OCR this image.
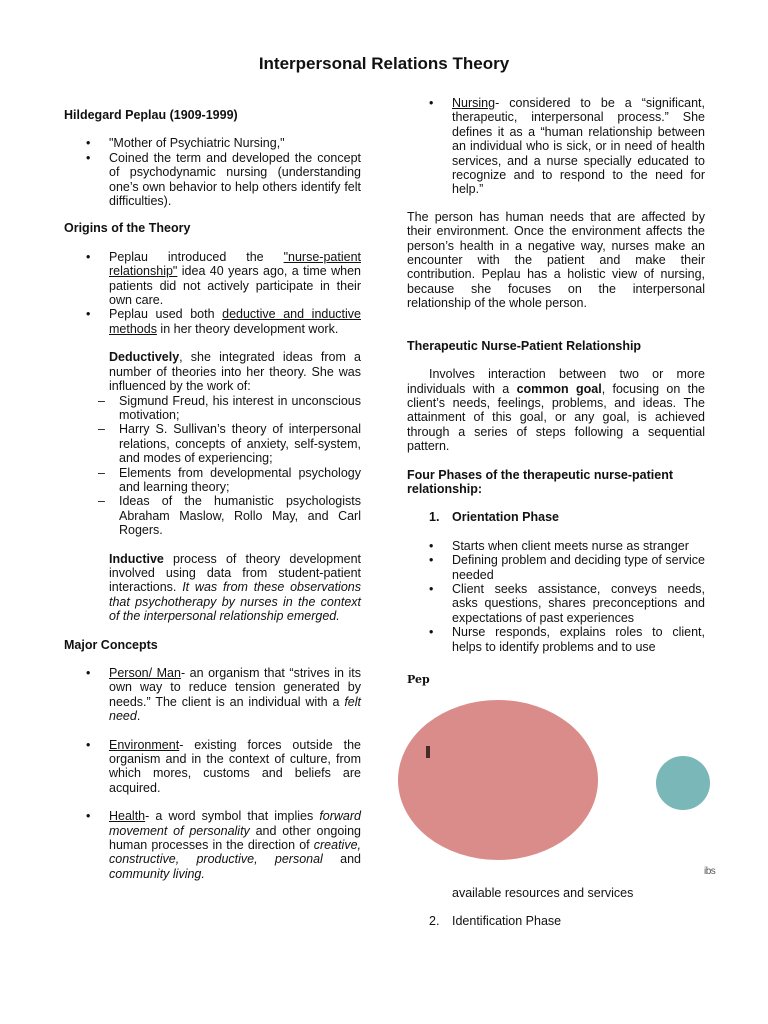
Interpersonal Relations Theory

Hildegard Peplau (1909-1999)

• "Mother of Psychiatric Nursing,"
• Coined the term and developed the concept of psychodynamic nursing (understanding one’s own behavior to help others identify felt difficulties).

Origins of the Theory

• Peplau introduced the "nurse-patient relationship" idea 40 years ago, a time when patients did not actively participate in their own care.
• Peplau used both deductive and inductive methods in her theory development work.

Deductively, she integrated ideas from a number of theories into her theory. She was influenced by the work of:

– Sigmund Freud, his interest in unconscious motivation;
– Harry S. Sullivan’s theory of interpersonal relations, concepts of anxiety, self-system, and modes of experiencing;
– Elements from developmental psychology and learning theory;
– Ideas of the humanistic psychologists Abraham Maslow, Rollo May, and Carl Rogers.

Inductive process of theory development involved using data from student-patient interactions. It was from these observations that psychotherapy by nurses in the context of the interpersonal relationship emerged.

Major Concepts

• Person/ Man- an organism that “strives in its own way to reduce tension generated by needs.” The client is an individual with a felt need.
• Environment- existing forces outside the organism and in the context of culture, from which mores, customs and beliefs are acquired.
• Health- a word symbol that implies forward movement of personality and other ongoing human processes in the direction of creative, constructive, productive, personal and community living.
• Nursing- considered to be a “significant, therapeutic, interpersonal process.” She defines it as a “human relationship between an individual who is sick, or in need of health services, and a nurse specially educated to recognize and to respond to the need for help.”

The person has human needs that are affected by their environment. Once the environment affects the person’s health in a negative way, nurses make an encounter with the patient and make their contribution. Peplau has a holistic view of nursing, because she focuses on the interpersonal relationship of the whole person.

Therapeutic Nurse-Patient Relationship

Involves interaction between two or more individuals with a common goal, focusing on the client’s needs, feelings, problems, and ideas. The attainment of this goal, or any goal, is achieved through a series of steps following a sequential pattern.

Four Phases of the therapeutic nurse-patient relationship:

1. Orientation Phase

• Starts when client meets nurse as stranger
• Defining problem and deciding type of service needed
• Client seeks assistance, conveys needs, asks questions, shares preconceptions and expectations of past experiences
• Nurse responds, explains roles to client, helps to identify problems and to use
Pep
ibs

available resources and services

2. Identification Phase
